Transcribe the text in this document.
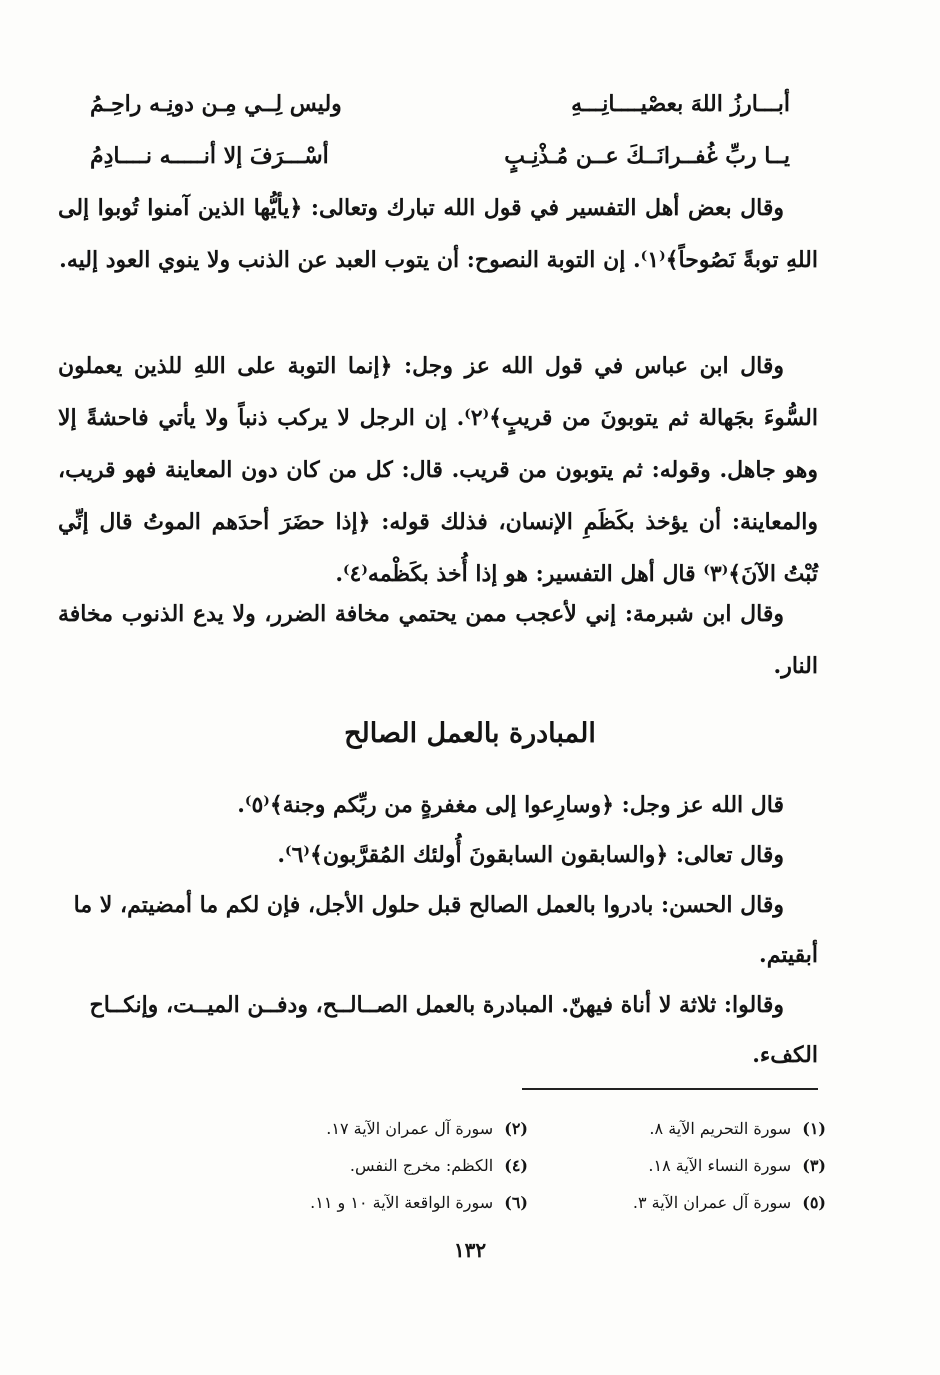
أبـــارزُ اللهَ بعصْيــــانِـــهِ
وليس لِــي مِـن دونِـه راحِـمُ
يــا ربِّ غُفــرانَــكَ عــن مُـذْنِـبٍ
أسْـــرَفَ إلا أنـــــه نــــادِمُ

وقال بعض أهل التفسير في قول الله تبارك وتعالى: ﴿يأيُّها الذين آمنوا تُوبوا إلى اللهِ توبةً نَصُوحاً﴾⁽١⁾. إن التوبة النصوح: أن يتوب العبد عن الذنب ولا ينوي العود إليه.

وقال ابن عباس في قول الله عز وجل: ﴿إنما التوبة على اللهِ للذين يعملون السُّوءَ بجَهالة ثم يتوبونَ من قريبٍ﴾⁽٢⁾. إن الرجل لا يركب ذنباً ولا يأتي فاحشةً إلا وهو جاهل. وقوله: ثم يتوبون من قريب. قال: كل من كان دون المعاينة فهو قريب، والمعاينة: أن يؤخذ بكَظَمِ الإنسان، فذلك قوله: ﴿إذا حضَرَ أحدَهم الموتُ قال إنِّي تُبْتُ الآنَ﴾⁽٣⁾ قال أهل التفسير: هو إذا أُخذ بكَظْمه⁽٤⁾.

وقال ابن شبرمة: إني لأعجب ممن يحتمي مخافة الضرر، ولا يدع الذنوب مخافة النار.

المبادرة بالعمل الصالح

قال الله عز وجل: ﴿وسارِعوا إلى مغفرةٍ من ربِّكم وجنة﴾⁽٥⁾.

وقال تعالى: ﴿والسابقون السابقونَ أُولئك المُقرَّبون﴾⁽٦⁾.

وقال الحسن: بادروا بالعمل الصالح قبل حلول الأجل، فإن لكم ما أمضيتم، لا ما أبقيتم.

وقالوا: ثلاثة لا أناة فيهنّ. المبادرة بالعمل الصــالــح، ودفــن الميــت، وإنكــاح الكفء.

(١) سورة التحريم الآية ٨.
(٢) سورة آل عمران الآية ١٧.
(٣) سورة النساء الآية ١٨.
(٤) الكظم: مخرج النفس.
(٥) سورة آل عمران الآية ٣.
(٦) سورة الواقعة الآية ١٠ و ١١.
١٣٢
